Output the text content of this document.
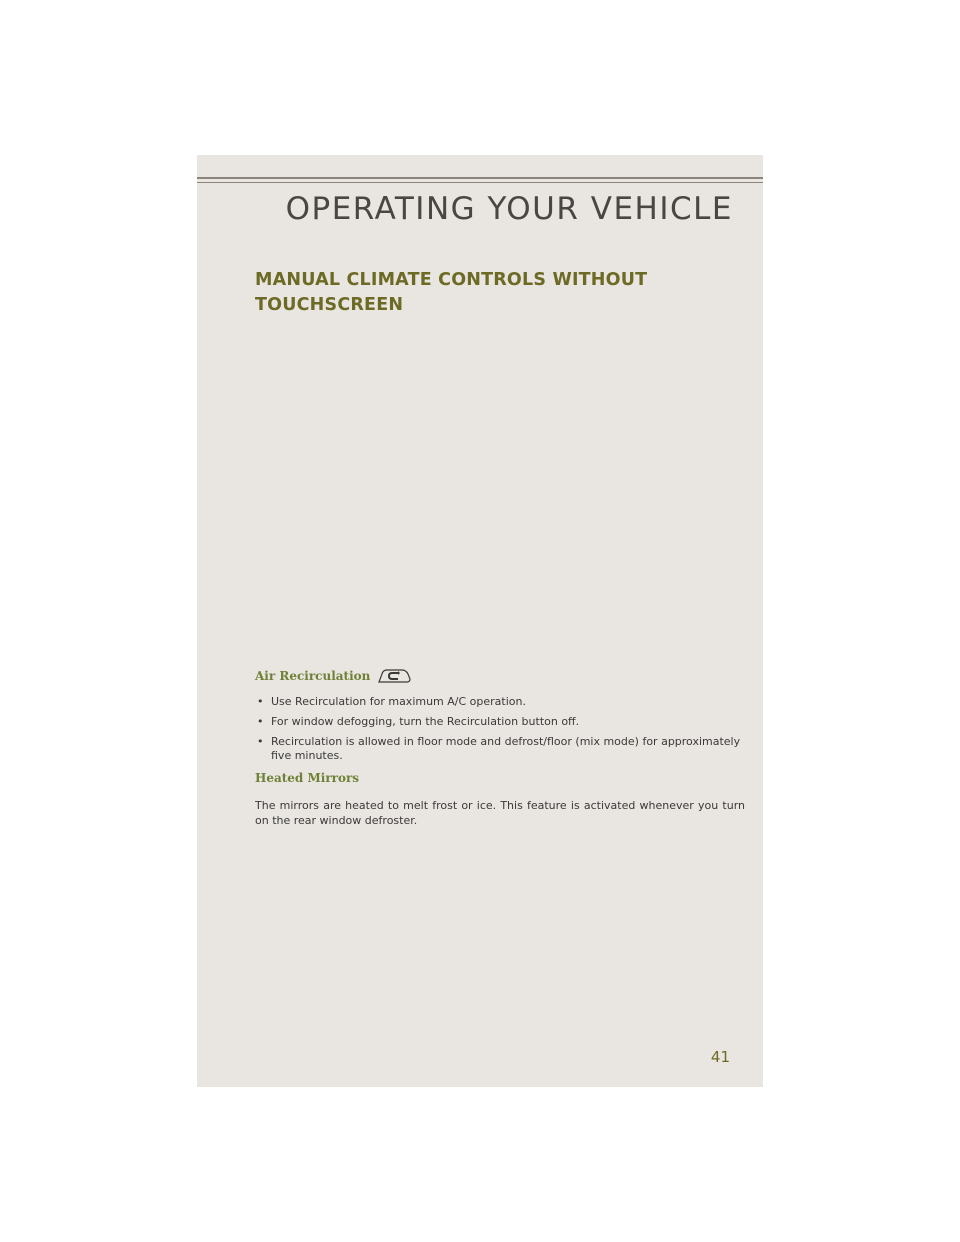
OPERATING YOUR VEHICLE
MANUAL CLIMATE CONTROLS WITHOUT TOUCHSCREEN
Air Recirculation
• Use Recirculation for maximum A/C operation.
• For window defogging, turn the Recirculation button off.
• Recirculation is allowed in floor mode and defrost/floor (mix mode) for approximately five minutes.
Heated Mirrors
The mirrors are heated to melt frost or ice. This feature is activated whenever you turn on the rear window defroster.
41
